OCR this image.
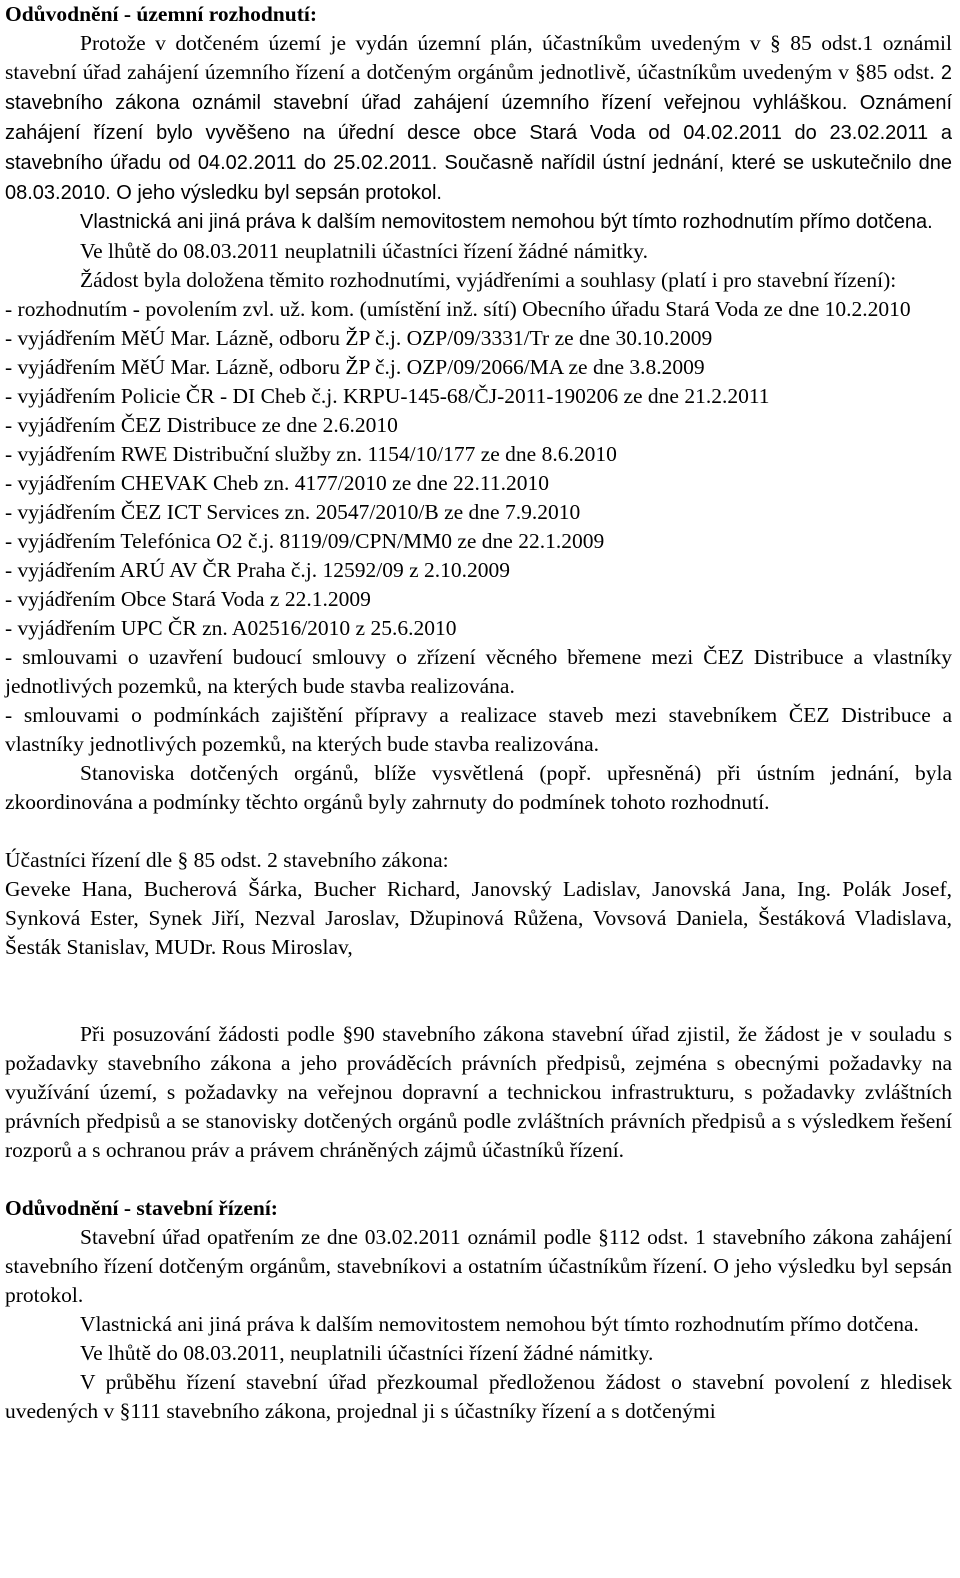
Odůvodnění - územní rozhodnutí:

Protože v dotčeném území je vydán územní plán, účastníkům uvedeným v § 85 odst.1 oznámil stavební úřad zahájení územního řízení a dotčeným orgánům jednotlivě, účastníkům uvedeným v §85 odst. 2 stavebního zákona oznámil stavební úřad zahájení územního řízení veřejnou vyhláškou. Oznámení zahájení řízení bylo vyvěšeno na úřední desce obce Stará Voda od 04.02.2011 do 23.02.2011 a stavebního úřadu od 04.02.2011 do 25.02.2011. Současně nařídil ústní jednání, které se uskutečnilo dne 08.03.2010. O jeho výsledku byl sepsán protokol.

Vlastnická ani jiná práva k dalším nemovitostem nemohou být tímto rozhodnutím přímo dotčena.

Ve lhůtě do 08.03.2011 neuplatnili účastníci řízení žádné námitky.

Žádost byla doložena těmito rozhodnutími, vyjádřeními a souhlasy (platí i pro stavební řízení):

- rozhodnutím - povolením zvl. už. kom. (umístění inž. sítí) Obecního úřadu Stará Voda ze dne 10.2.2010

- vyjádřením MěÚ Mar. Lázně, odboru ŽP č.j. OZP/09/3331/Tr ze dne 30.10.2009

- vyjádřením MěÚ Mar. Lázně, odboru ŽP č.j. OZP/09/2066/MA ze dne 3.8.2009

- vyjádřením Policie ČR - DI Cheb č.j. KRPU-145-68/ČJ-2011-190206 ze dne 21.2.2011

- vyjádřením ČEZ Distribuce ze dne 2.6.2010

- vyjádřením RWE Distribuční služby zn. 1154/10/177 ze dne 8.6.2010

- vyjádřením CHEVAK Cheb zn. 4177/2010 ze dne 22.11.2010

- vyjádřením ČEZ ICT Services zn. 20547/2010/B ze dne 7.9.2010

- vyjádřením Telefónica O2 č.j. 8119/09/CPN/MM0 ze dne 22.1.2009

- vyjádřením ARÚ AV ČR Praha č.j. 12592/09 z 2.10.2009

- vyjádřením Obce Stará Voda z 22.1.2009

- vyjádřením UPC ČR zn. A02516/2010 z 25.6.2010

- smlouvami o uzavření budoucí smlouvy o zřízení věcného břemene mezi ČEZ Distribuce a vlastníky jednotlivých pozemků, na kterých bude stavba realizována.

- smlouvami o podmínkách zajištění přípravy a realizace staveb mezi stavebníkem ČEZ Distribuce a vlastníky jednotlivých pozemků, na kterých bude stavba realizována.

Stanoviska dotčených orgánů, blíže vysvětlená (popř. upřesněná) při ústním jednání, byla zkoordinována a podmínky těchto orgánů byly zahrnuty do podmínek tohoto rozhodnutí.

Účastníci řízení dle § 85 odst. 2 stavebního zákona:

Geveke Hana, Bucherová Šárka, Bucher Richard, Janovský Ladislav, Janovská Jana, Ing. Polák Josef, Synková Ester, Synek Jiří, Nezval Jaroslav, Džupinová Růžena, Vovsová Daniela, Šestáková Vladislava, Šesták Stanislav, MUDr. Rous Miroslav,

Při posuzování žádosti podle §90 stavebního zákona stavební úřad zjistil, že žádost je v souladu s požadavky stavebního zákona a jeho prováděcích právních předpisů, zejména s obecnými požadavky na využívání území, s požadavky na veřejnou dopravní a technickou infrastrukturu, s požadavky zvláštních právních předpisů a se stanovisky dotčených orgánů podle zvláštních právních předpisů a s výsledkem řešení rozporů a s ochranou práv a právem chráněných zájmů účastníků řízení.

Odůvodnění - stavební řízení:

Stavební úřad opatřením ze dne 03.02.2011 oznámil podle §112 odst. 1 stavebního zákona zahájení stavebního řízení dotčeným orgánům, stavebníkovi a ostatním účastníkům řízení. O jeho výsledku byl sepsán protokol.

Vlastnická ani jiná práva k dalším nemovitostem nemohou být tímto rozhodnutím přímo dotčena.

Ve lhůtě do 08.03.2011, neuplatnili účastníci řízení žádné námitky.

V průběhu řízení stavební úřad přezkoumal předloženou žádost o stavební povolení z hledisek uvedených v §111 stavebního zákona, projednal ji s účastníky řízení a s dotčenými
